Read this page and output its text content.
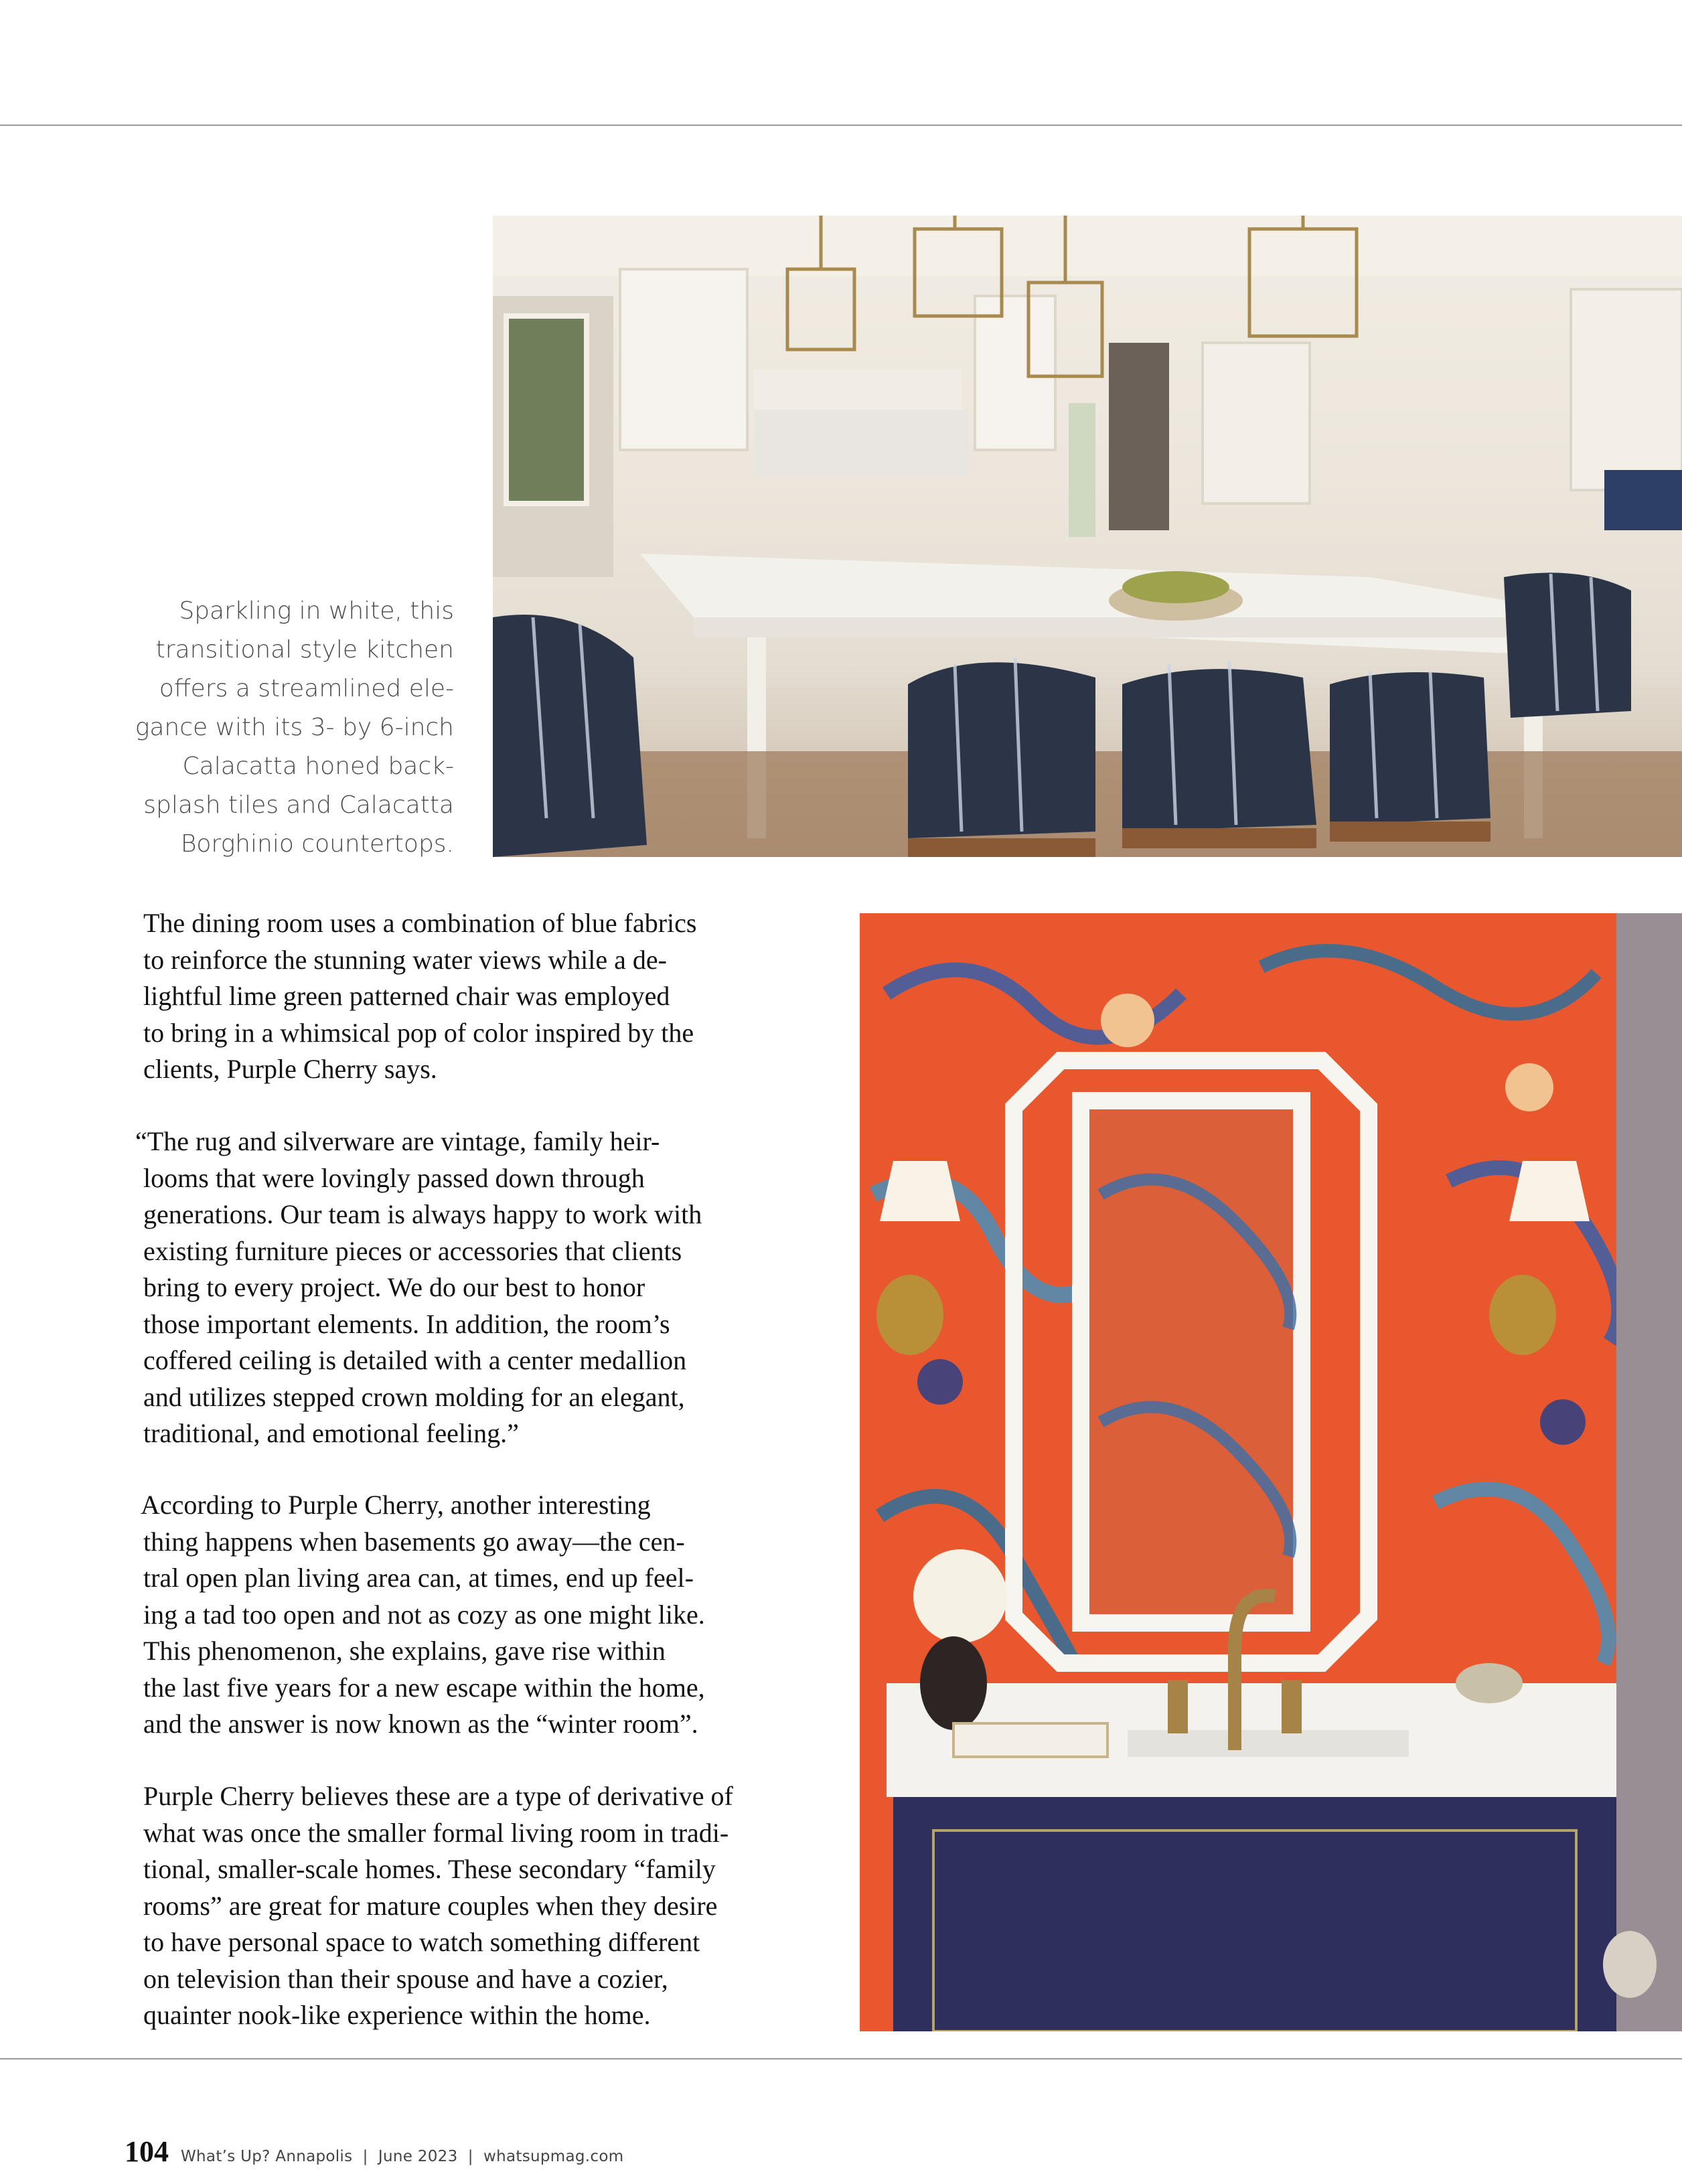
Sparkling in white, this
transitional style kitchen
offers a streamlined ele-
gance with its 3- by 6-inch
Calacatta honed back-
splash tiles and Calacatta
Borghinio countertops.
The dining room uses a combination of blue fabrics
to reinforce the stunning water views while a de-
lightful lime green patterned chair was employed
to bring in a whimsical pop of color inspired by the
clients, Purple Cherry says.
“The rug and silverware are vintage, family heir-
looms that were lovingly passed down through
generations. Our team is always happy to work with
existing furniture pieces or accessories that clients
bring to every project. We do our best to honor
those important elements. In addition, the room’s
coffered ceiling is detailed with a center medallion
and utilizes stepped crown molding for an elegant,
traditional, and emotional feeling.”
According to Purple Cherry, another interesting
thing happens when basements go away—the cen-
tral open plan living area can, at times, end up feel-
ing a tad too open and not as cozy as one might like.
This phenomenon, she explains, gave rise within
the last five years for a new escape within the home,
and the answer is now known as the “winter room”.
Purple Cherry believes these are a type of derivative of
what was once the smaller formal living room in tradi-
tional, smaller-scale homes. These secondary “family
rooms” are great for mature couples when they desire
to have personal space to watch something different
on television than their spouse and have a cozier,
quainter nook-like experience within the home.
104 What’s Up? Annapolis  |  June 2023  |  whatsupmag.com
